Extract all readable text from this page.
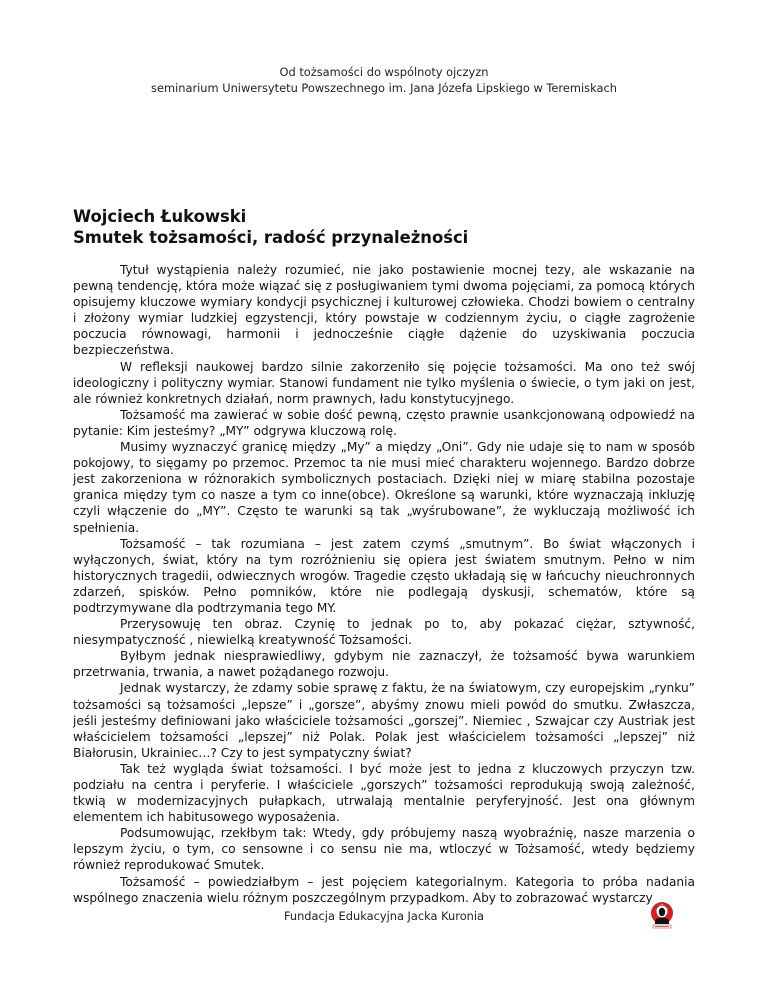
Od tożsamości do wspólnoty ojczyzn
seminarium Uniwersytetu Powszechnego im. Jana Józefa Lipskiego w Teremiskach
Wojciech Łukowski
Smutek tożsamości, radość przynależności

Tytuł wystąpienia należy rozumieć, nie jako postawienie mocnej tezy, ale wskazanie na pewną tendencję, która może wiązać się z posługiwaniem tymi dwoma pojęciami, za pomocą których opisujemy kluczowe wymiary kondycji psychicznej i kulturowej człowieka. Chodzi bowiem o centralny i złożony wymiar ludzkiej egzystencji, który powstaje w codziennym życiu, o ciągłe zagrożenie poczucia równowagi, harmonii i jednocześnie ciągłe dążenie do uzyskiwania poczucia bezpieczeństwa.

W refleksji naukowej bardzo silnie zakorzeniło się pojęcie tożsamości. Ma ono też swój ideologiczny i polityczny wymiar. Stanowi fundament nie tylko myślenia o świecie, o tym jaki on jest, ale również konkretnych działań, norm prawnych, ładu konstytucyjnego.

Tożsamość ma zawierać w sobie dość pewną, często prawnie usankcjonowaną odpowiedź na pytanie: Kim jesteśmy? „MY” odgrywa kluczową rolę.

Musimy wyznaczyć granicę między „My” a między „Oni”. Gdy nie udaje się to nam w sposób pokojowy, to sięgamy po przemoc. Przemoc ta nie musi mieć charakteru wojennego. Bardzo dobrze jest zakorzeniona w różnorakich symbolicznych postaciach. Dzięki niej w miarę stabilna pozostaje granica między tym co nasze a tym co inne(obce). Określone są warunki, które wyznaczają inkluzję czyli włączenie do „MY”. Często te warunki są tak „wyśrubowane”, że wykluczają możliwość ich spełnienia.

Tożsamość – tak rozumiana – jest zatem czymś „smutnym”. Bo świat włączonych i wyłączonych, świat, który na tym rozróżnieniu się opiera jest światem smutnym. Pełno w nim historycznych tragedii, odwiecznych wrogów. Tragedie często układają się w łańcuchy nieuchronnych zdarzeń, spisków. Pełno pomników, które nie podlegają dyskusji, schematów, które są podtrzymywane dla podtrzymania tego MY.

Przerysowuję ten obraz. Czynię to jednak po to, aby pokazać ciężar, sztywność, niesympatyczność , niewielką kreatywność Tożsamości.

Byłbym jednak niesprawiedliwy, gdybym nie zaznaczył, że tożsamość bywa warunkiem przetrwania, trwania, a nawet pożądanego rozwoju.

Jednak wystarczy, że zdamy sobie sprawę z faktu, że na światowym, czy europejskim „rynku” tożsamości są tożsamości „lepsze” i „gorsze”, abyśmy znowu mieli powód do smutku. Zwłaszcza, jeśli jesteśmy definiowani jako właściciele tożsamości „gorszej”. Niemiec , Szwajcar czy Austriak jest właścicielem tożsamości „lepszej” niż Polak. Polak jest właścicielem tożsamości „lepszej” niż Białorusin, Ukrainiec…? Czy to jest sympatyczny świat?

Tak też wygląda świat tożsamości. I być może jest to jedna z kluczowych przyczyn tzw. podziału na centra i peryferie. I właściciele „gorszych” tożsamości reprodukują swoją zależność, tkwią w modernizacyjnych pułapkach, utrwalają mentalnie peryferyjność. Jest ona głównym elementem ich habitusowego wyposażenia.

Podsumowując, rzekłbym tak: Wtedy, gdy próbujemy naszą wyobraźnię, nasze marzenia o lepszym życiu, o tym, co sensowne i co sensu nie ma, wtloczyć w Tożsamość, wtedy będziemy również reprodukować Smutek.

Tożsamość – powiedziałbym – jest pojęciem kategorialnym. Kategoria to próba nadania wspólnego znaczenia wielu różnym poszczególnym przypadkom. Aby to zobrazować wystarczy

Fundacja Edukacyjna Jacka Kuronia
